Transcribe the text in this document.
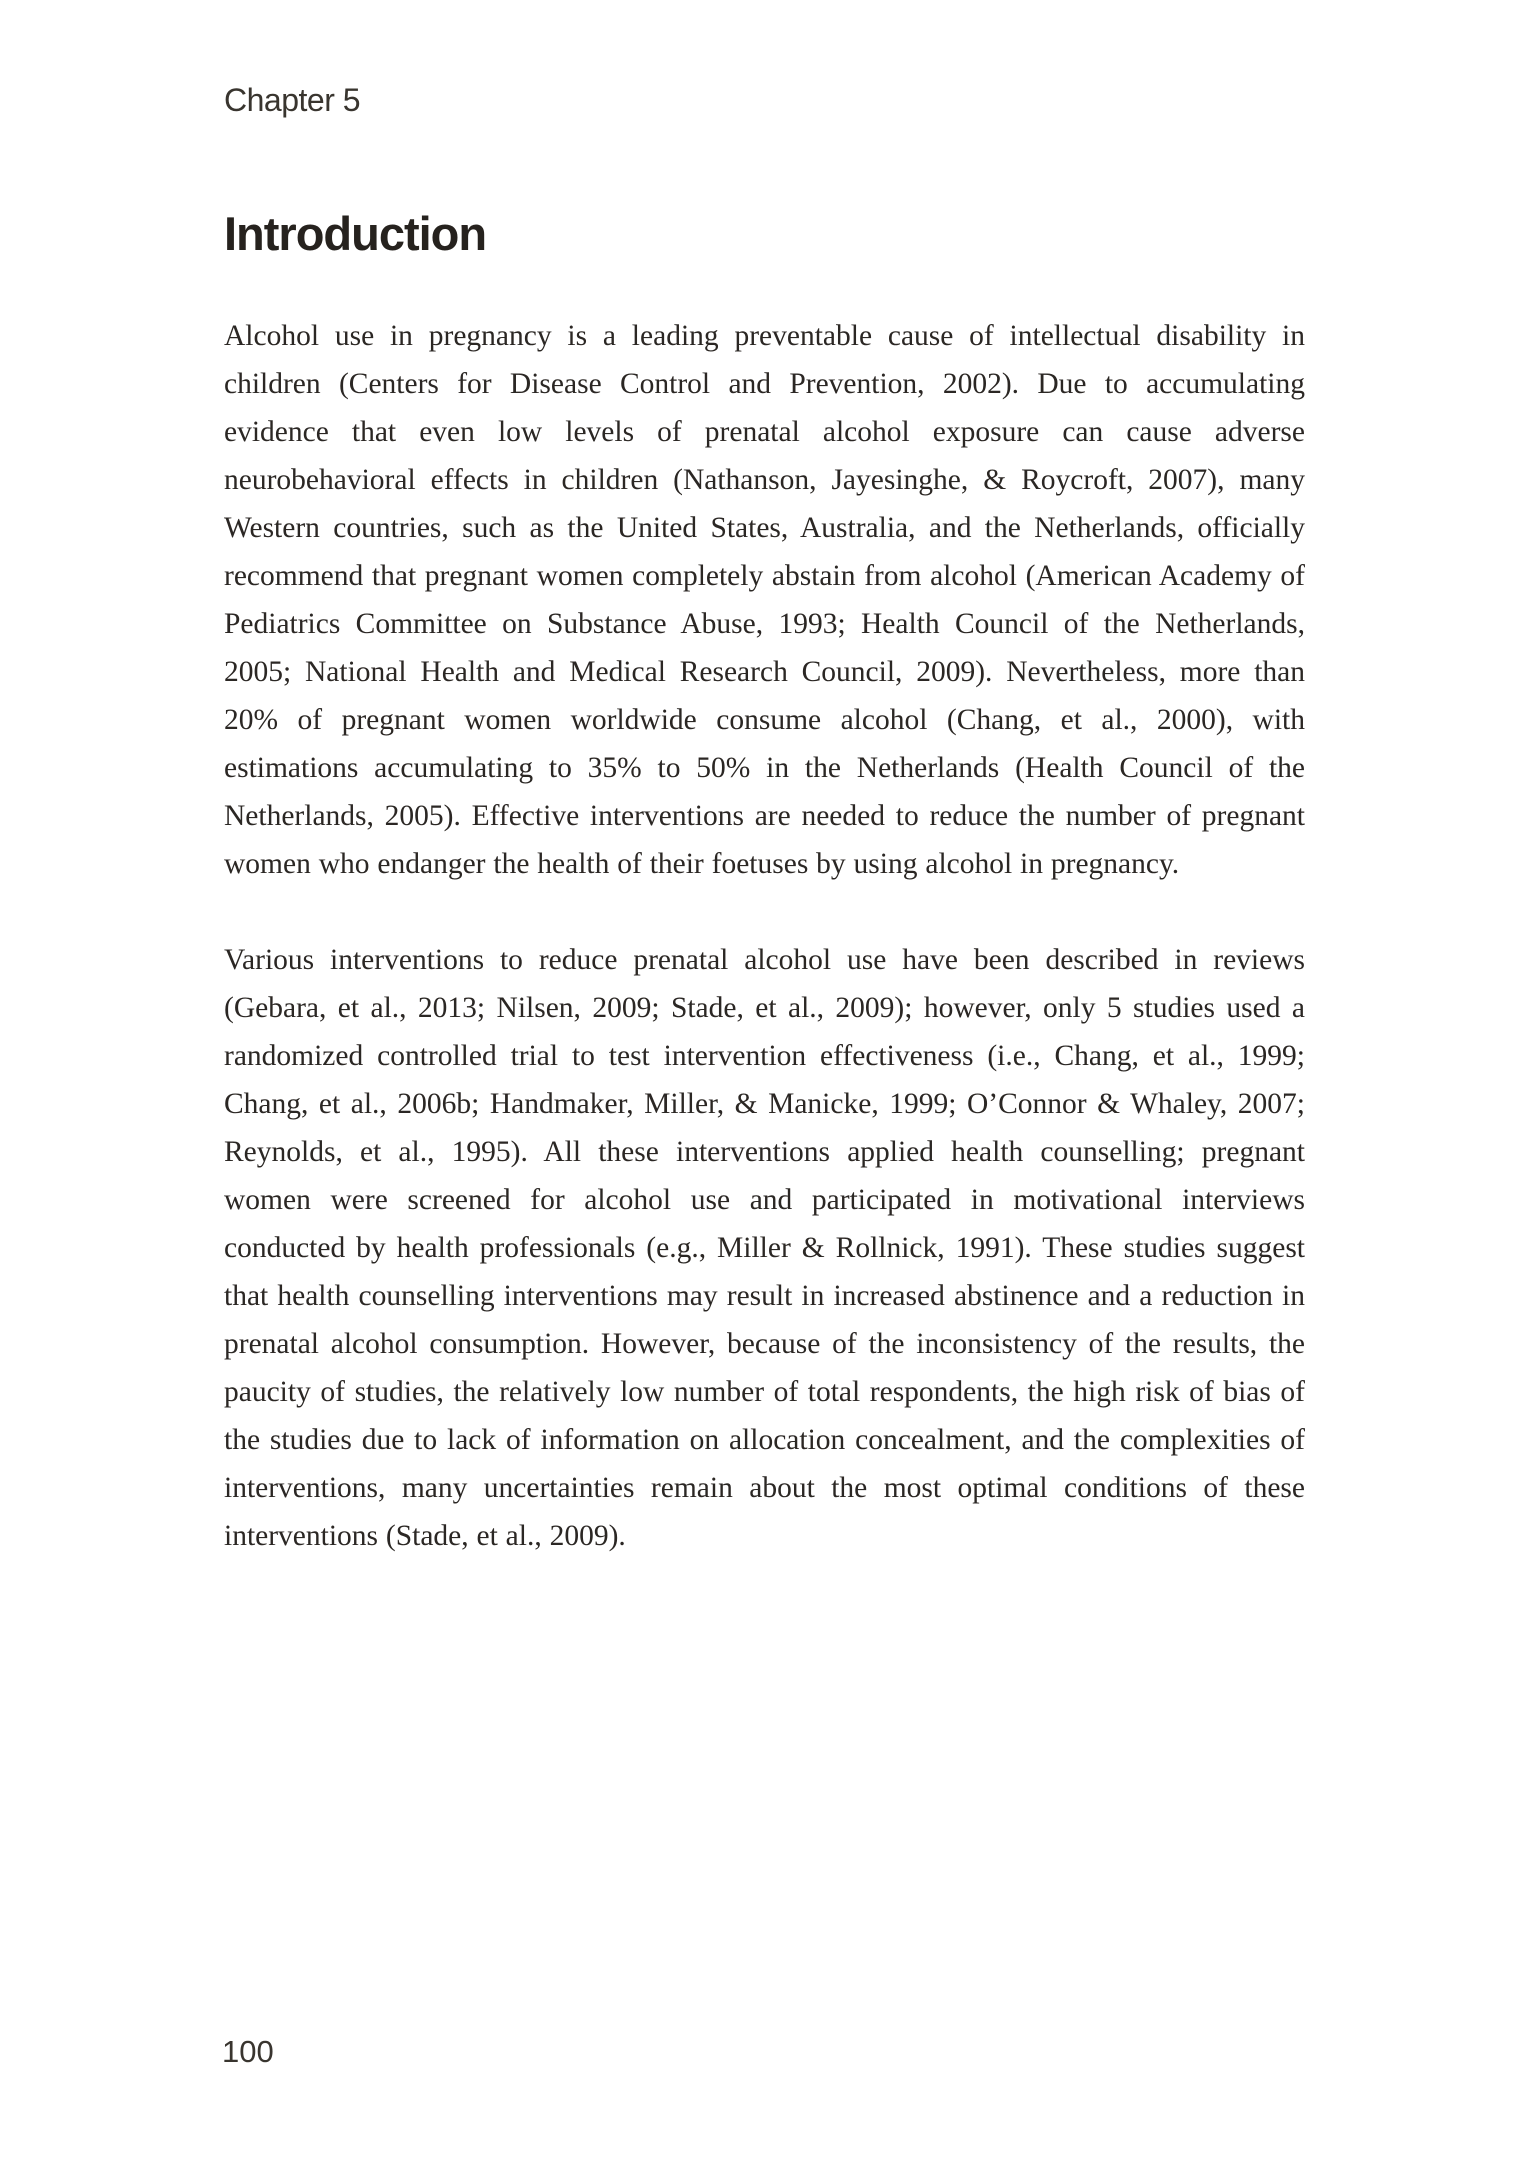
Chapter 5
Introduction

Alcohol use in pregnancy is a leading preventable cause of intellectual disability in children (Centers for Disease Control and Prevention, 2002). Due to accumulating evidence that even low levels of prenatal alcohol exposure can cause adverse neurobehavioral effects in children (Nathanson, Jayesinghe, & Roycroft, 2007), many Western countries, such as the United States, Australia, and the Netherlands, officially recommend that pregnant women completely abstain from alcohol (American Academy of Pediatrics Committee on Substance Abuse, 1993; Health Council of the Netherlands, 2005; National Health and Medical Research Council, 2009). Nevertheless, more than 20% of pregnant women worldwide consume alcohol (Chang, et al., 2000), with estimations accumulating to 35% to 50% in the Netherlands (Health Council of the Netherlands, 2005). Effective interventions are needed to reduce the number of pregnant women who endanger the health of their foetuses by using alcohol in pregnancy.

Various interventions to reduce prenatal alcohol use have been described in reviews (Gebara, et al., 2013; Nilsen, 2009; Stade, et al., 2009); however, only 5 studies used a randomized controlled trial to test intervention effectiveness (i.e., Chang, et al., 1999; Chang, et al., 2006b; Handmaker, Miller, & Manicke, 1999; O’Connor & Whaley, 2007; Reynolds, et al., 1995). All these interventions applied health counselling; pregnant women were screened for alcohol use and participated in motivational interviews conducted by health professionals (e.g., Miller & Rollnick, 1991). These studies suggest that health counselling interventions may result in increased abstinence and a reduction in prenatal alcohol consumption. However, because of the inconsistency of the results, the paucity of studies, the relatively low number of total respondents, the high risk of bias of the studies due to lack of information on allocation concealment, and the complexities of interventions, many uncertainties remain about the most optimal conditions of these interventions (Stade, et al., 2009).

100
